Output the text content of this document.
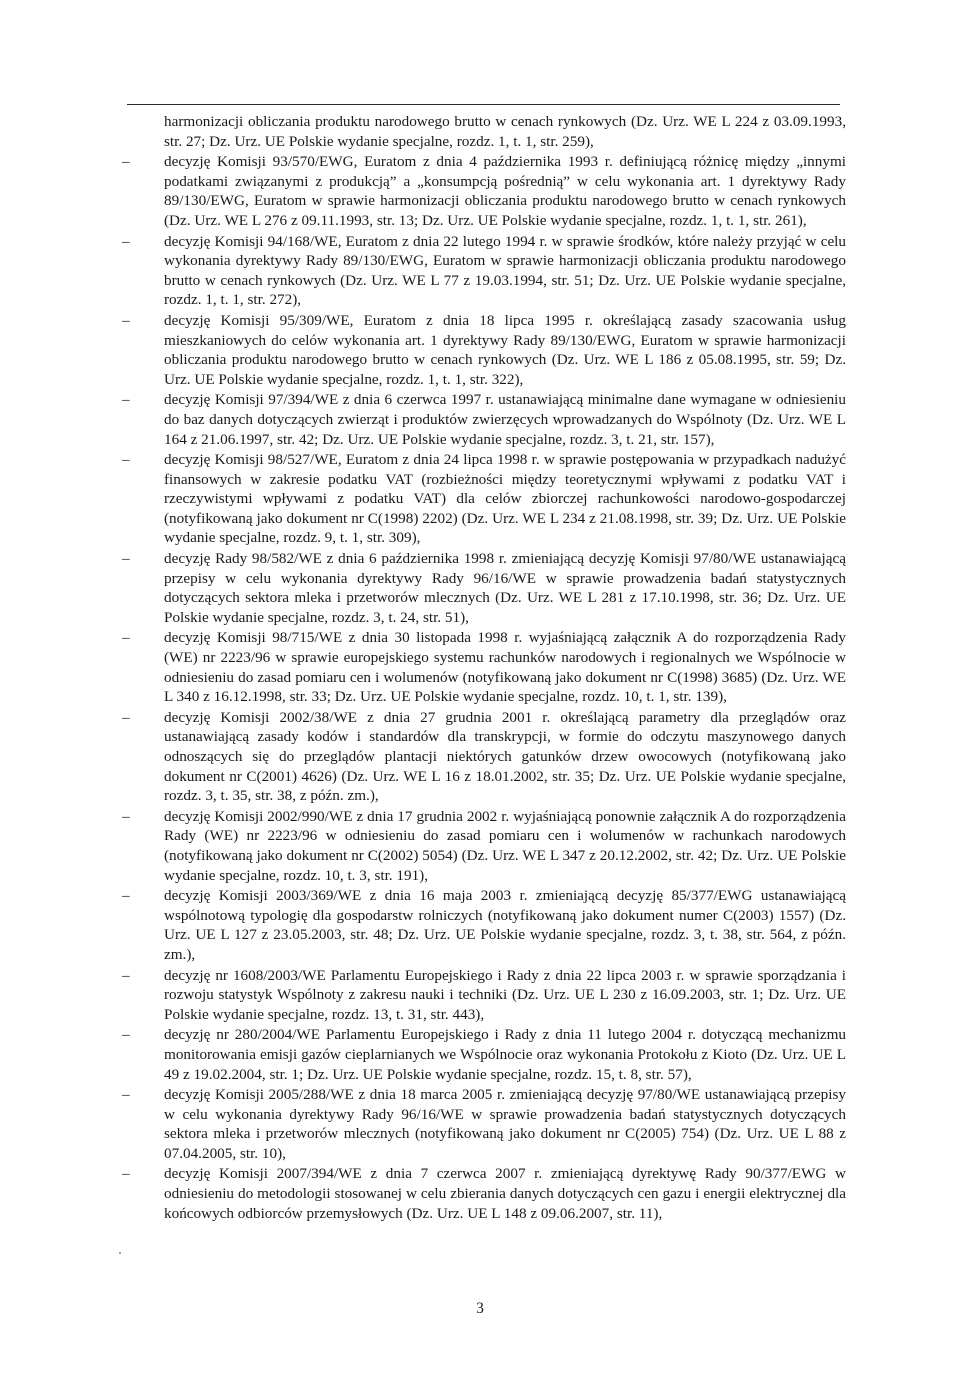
harmonizacji obliczania produktu narodowego brutto w cenach rynkowych (Dz. Urz. WE L 224 z 03.09.1993, str. 27; Dz. Urz. UE Polskie wydanie specjalne, rozdz. 1, t. 1, str. 259),
–	decyzję Komisji 93/570/EWG, Euratom z dnia 4 października 1993 r. definiującą różnicę między „innymi podatkami związanymi z produkcją” a „konsumpcją pośrednią” w celu wykonania art. 1 dyrektywy Rady 89/130/EWG, Euratom w sprawie harmonizacji obliczania produktu narodowego brutto w cenach rynkowych (Dz. Urz. WE L 276 z 09.11.1993, str. 13; Dz. Urz. UE Polskie wydanie specjalne, rozdz. 1, t. 1, str. 261),
–	decyzję Komisji 94/168/WE, Euratom z dnia 22 lutego 1994 r. w sprawie środków, które należy przyjąć w celu wykonania dyrektywy Rady 89/130/EWG, Euratom w sprawie harmonizacji obliczania produktu narodowego brutto w cenach rynkowych (Dz. Urz. WE L 77 z 19.03.1994, str. 51; Dz. Urz. UE Polskie wydanie specjalne, rozdz. 1, t. 1, str. 272),
–	decyzję Komisji 95/309/WE, Euratom z dnia 18 lipca 1995 r. określającą zasady szacowania usług mieszkaniowych do celów wykonania art. 1 dyrektywy Rady 89/130/EWG, Euratom w sprawie harmonizacji obliczania produktu narodowego brutto w cenach rynkowych (Dz. Urz. WE L 186 z 05.08.1995, str. 59; Dz. Urz. UE Polskie wydanie specjalne, rozdz. 1, t. 1, str. 322),
–	decyzję Komisji 97/394/WE z dnia 6 czerwca 1997 r. ustanawiającą minimalne dane wymagane w odniesieniu do baz danych dotyczących zwierząt i produktów zwierzęcych wprowadzanych do Wspólnoty (Dz. Urz. WE L 164 z 21.06.1997, str. 42; Dz. Urz. UE Polskie wydanie specjalne, rozdz. 3, t. 21, str. 157),
–	decyzję Komisji 98/527/WE, Euratom z dnia 24 lipca 1998 r. w sprawie postępowania w przypadkach nadużyć finansowych w zakresie podatku VAT (rozbieżności między teoretycznymi wpływami z podatku VAT i rzeczywistymi wpływami z podatku VAT) dla celów zbiorczej rachunkowości narodowo-gospodarczej (notyfikowaną jako dokument nr C(1998) 2202) (Dz. Urz. WE L 234 z 21.08.1998, str. 39; Dz. Urz. UE Polskie wydanie specjalne, rozdz. 9, t. 1, str. 309),
–	decyzję Rady 98/582/WE z dnia 6 października 1998 r. zmieniającą decyzję Komisji 97/80/WE ustanawiającą przepisy w celu wykonania dyrektywy Rady 96/16/WE w sprawie prowadzenia badań statystycznych dotyczących sektora mleka i przetworów mlecznych (Dz. Urz. WE L 281 z 17.10.1998, str. 36; Dz. Urz. UE Polskie wydanie specjalne, rozdz. 3, t. 24, str. 51),
–	decyzję Komisji 98/715/WE z dnia 30 listopada 1998 r. wyjaśniającą załącznik A do rozporządzenia Rady (WE) nr 2223/96 w sprawie europejskiego systemu rachunków narodowych i regionalnych we Wspólnocie w odniesieniu do zasad pomiaru cen i wolumenów (notyfikowaną jako dokument nr C(1998) 3685) (Dz. Urz. WE L 340 z 16.12.1998, str. 33; Dz. Urz. UE Polskie wydanie specjalne, rozdz. 10, t. 1, str. 139),
–	decyzję Komisji 2002/38/WE z dnia 27 grudnia 2001 r. określającą parametry dla przeglądów oraz ustanawiającą zasady kodów i standardów dla transkrypcji, w formie do odczytu maszynowego danych odnoszących się do przeglądów plantacji niektórych gatunków drzew owocowych (notyfikowaną jako dokument nr C(2001) 4626) (Dz. Urz. WE L 16 z 18.01.2002, str. 35; Dz. Urz. UE Polskie wydanie specjalne, rozdz. 3, t. 35, str. 38, z późn. zm.),
–	decyzję Komisji 2002/990/WE z dnia 17 grudnia 2002 r. wyjaśniającą ponownie załącznik A do rozporządzenia Rady (WE) nr 2223/96 w odniesieniu do zasad pomiaru cen i wolumenów w rachunkach narodowych (notyfikowaną jako dokument nr C(2002) 5054) (Dz. Urz. WE L 347 z 20.12.2002, str. 42; Dz. Urz. UE Polskie wydanie specjalne, rozdz. 10, t. 3, str. 191),
–	decyzję Komisji 2003/369/WE z dnia 16 maja 2003 r. zmieniającą decyzję 85/377/EWG ustanawiającą wspólnotową typologię dla gospodarstw rolniczych (notyfikowaną jako dokument numer C(2003) 1557) (Dz. Urz. UE L 127 z 23.05.2003, str. 48; Dz. Urz. UE Polskie wydanie specjalne, rozdz. 3, t. 38, str. 564, z późn. zm.),
–	decyzję nr 1608/2003/WE Parlamentu Europejskiego i Rady z dnia 22 lipca 2003 r. w sprawie sporządzania i rozwoju statystyk Wspólnoty z zakresu nauki i techniki (Dz. Urz. UE L 230 z 16.09.2003, str. 1; Dz. Urz. UE Polskie wydanie specjalne, rozdz. 13, t. 31, str. 443),
–	decyzję nr 280/2004/WE Parlamentu Europejskiego i Rady z dnia 11 lutego 2004 r. dotyczącą mechanizmu monitorowania emisji gazów cieplarnianych we Wspólnocie oraz wykonania Protokołu z Kioto (Dz. Urz. UE L 49 z 19.02.2004, str. 1; Dz. Urz. UE Polskie wydanie specjalne, rozdz. 15, t. 8, str. 57),
–	decyzję Komisji 2005/288/WE z dnia 18 marca 2005 r. zmieniającą decyzję 97/80/WE ustanawiającą przepisy w celu wykonania dyrektywy Rady 96/16/WE w sprawie prowadzenia badań statystycznych dotyczących sektora mleka i przetworów mlecznych (notyfikowaną jako dokument nr C(2005) 754) (Dz. Urz. UE L 88 z 07.04.2005, str. 10),
–	decyzję Komisji 2007/394/WE z dnia 7 czerwca 2007 r. zmieniającą dyrektywę Rady 90/377/EWG w odniesieniu do metodologii stosowanej w celu zbierania danych dotyczących cen gazu i energii elektrycznej dla końcowych odbiorców przemysłowych (Dz. Urz. UE L 148 z 09.06.2007, str. 11),
3
